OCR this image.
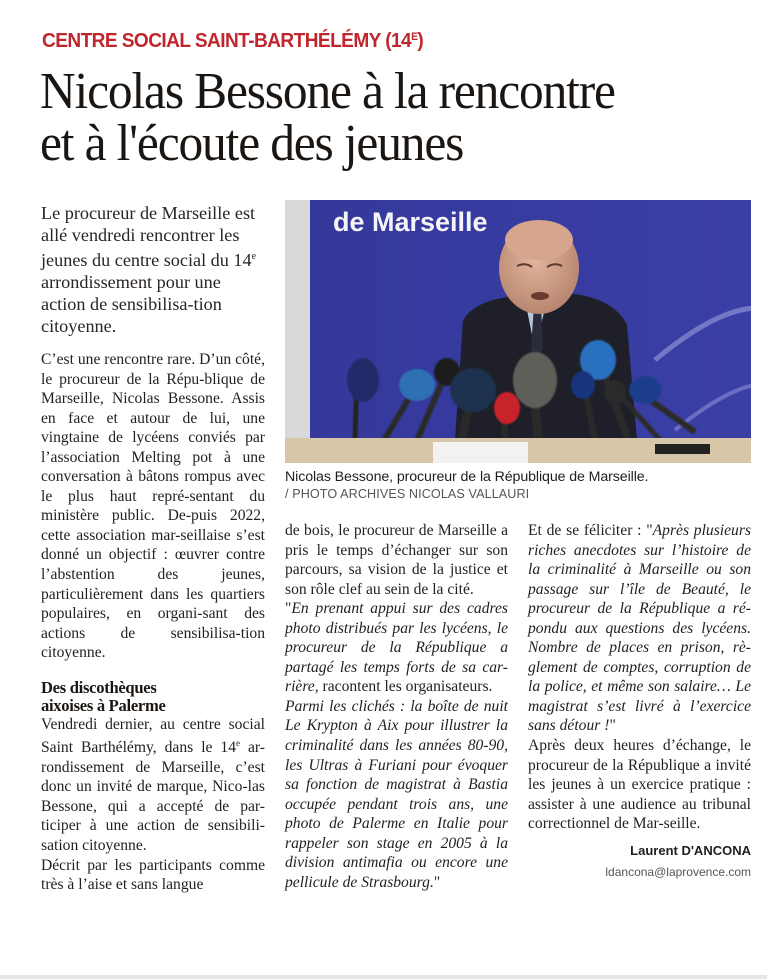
CENTRE SOCIAL SAINT-BARTHÉLÉMY $(14^E)$
Nicolas Bessone à la rencontre
et à l'écoute des jeunes
Le procureur de Marseille est allé vendredi rencontrer les jeunes du centre social du 14e arrondissement pour une action de sensibilisa-tion citoyenne.
de Marseille
Nicolas Bessone, procureur de la République de Marseille.
/ PHOTO ARCHIVES NICOLAS VALLAURI

C’est une rencontre rare. D’un côté, le procureur de la Répu-blique de Marseille, Nicolas Bessone. Assis en face et autour de lui, une vingtaine de lycéens conviés par l’association Melting pot à une conversation à bâtons rompus avec le plus haut repré-sentant du ministère public. De-puis 2022, cette association mar-seillaise s’est donné un objectif : œuvrer contre l’abstention des jeunes, particulièrement dans les quartiers populaires, en organi-sant des actions de sensibilisa-tion citoyenne.

Des discothèques
aixoises à Palerme

Vendredi dernier, au centre social Saint Barthélémy, dans le 14e ar-rondissement de Marseille, c’est donc un invité de marque, Nico-las Bessone, qui a accepté de par-ticiper à une action de sensibili-sation citoyenne.

Décrit par les participants comme très à l’aise et sans langue

de bois, le procureur de Marseille a pris le temps d’échanger sur son parcours, sa vision de la justice et son rôle clef au sein de la cité.

"En prenant appui sur des cadres photo distribués par les lycéens, le procureur de la République a partagé les temps forts de sa car-rière, racontent les organisateurs.

Parmi les clichés : la boîte de nuit Le Krypton à Aix pour illustrer la criminalité dans les années 80-90, les Ultras à Furiani pour évoquer sa fonction de magistrat à Bastia occupée pendant trois ans, une photo de Palerme en Italie pour rappeler son stage en 2005 à la division antimafia ou encore une pellicule de Strasbourg."

Et de se féliciter : "Après plusieurs riches anecdotes sur l’histoire de la criminalité à Marseille ou son passage sur l’île de Beauté, le procureur de la République a ré-pondu aux questions des lycéens. Nombre de places en prison, rè-glement de comptes, corruption de la police, et même son salaire… Le magistrat s’est livré à l’exercice sans détour !"

Après deux heures d’échange, le procureur de la République a invité les jeunes à un exercice pratique : assister à une audience au tribunal correctionnel de Mar-seille.

Laurent D'ANCONA

ldancona@laprovence.com
